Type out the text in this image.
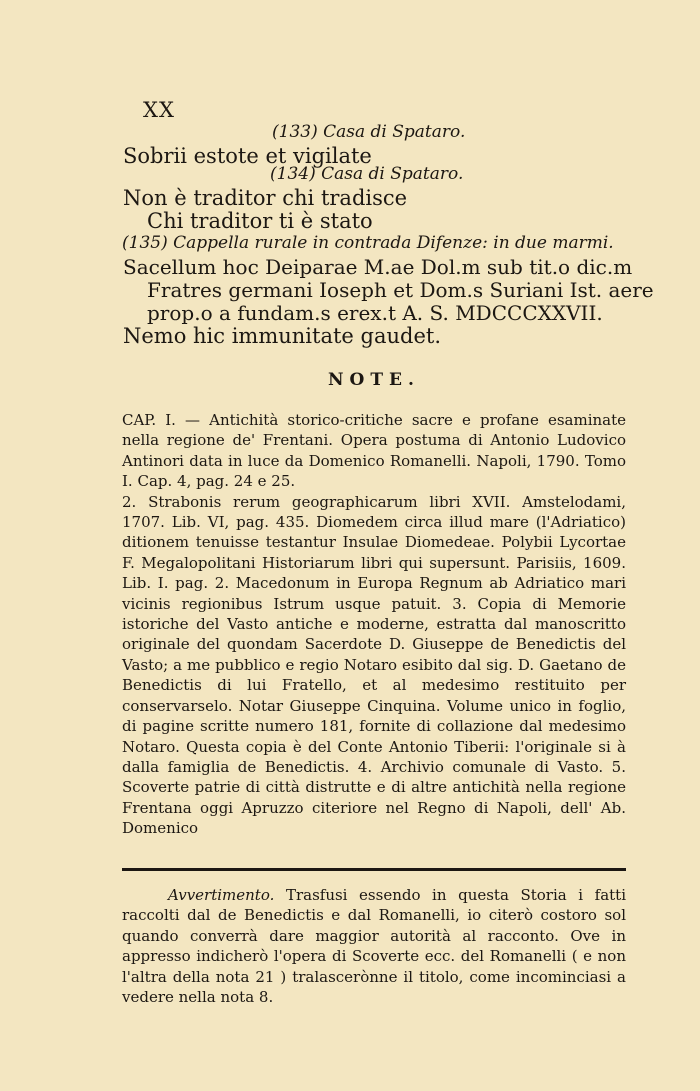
XX
(133) Casa di Spataro.
Sobrii estote et vigilate
(134) Casa di Spataro.
Non è traditor chi tradisce
Chi traditor ti è stato
(135) Cappella rurale in contrada Difenze: in due marmi.
Sacellum hoc Deiparae M.ae Dol.m sub tit.o dic.m
Fratres germani Ioseph et Dom.s Suriani Ist. aere
prop.o a fundam.s erex.t A. S. MDCCCXXVII.
Nemo hic immunitate gaudet.
NOTE.

CAP. I. — Antichità storico-critiche sacre e profane esaminate nella regione de' Frentani. Opera postuma di Antonio Ludovico Antinori data in luce da Domenico Romanelli. Napoli, 1790. Tomo I. Cap. 4, pag. 24 e 25.

2. Strabonis rerum geographicarum libri XVII. Amstelodami, 1707. Lib. VI, pag. 435. Diomedem circa illud mare (l'Adriatico) ditionem tenuisse testantur Insulae Diomedeae. Polybii Lycortae F. Megalopolitani Historiarum libri qui supersunt. Parisiis, 1609. Lib. I. pag. 2. Macedonum in Europa Regnum ab Adriatico mari vicinis regionibus Istrum usque patuit. 3. Copia di Memorie istoriche del Vasto antiche e moderne, estratta dal manoscritto originale del quondam Sacerdote D. Giuseppe de Benedictis del Vasto; a me pubblico e regio Notaro esibito dal sig. D. Gaetano de Benedictis di lui Fratello, et al medesimo restituito per conservarselo. Notar Giuseppe Cinquina. Volume unico in foglio, di pagine scritte numero 181, fornite di collazione dal medesimo Notaro. Questa copia è del Conte Antonio Tiberii: l'originale si à dalla famiglia de Benedictis. 4. Archivio comunale di Vasto. 5. Scoverte patrie di città distrutte e di altre antichità nella regione Frentana oggi Apruzzo citeriore nel Regno di Napoli, dell' Ab. Domenico

Avvertimento. Trasfusi essendo in questa Storia i fatti raccolti dal de Benedictis e dal Romanelli, io citerò costoro sol quando converrà dare maggior autorità al racconto. Ove in appresso indicherò l'opera di Scoverte ecc. del Romanelli ( e non l'altra della nota 21 ) tralascerònne il titolo, come incominciasi a vedere nella nota 8.
